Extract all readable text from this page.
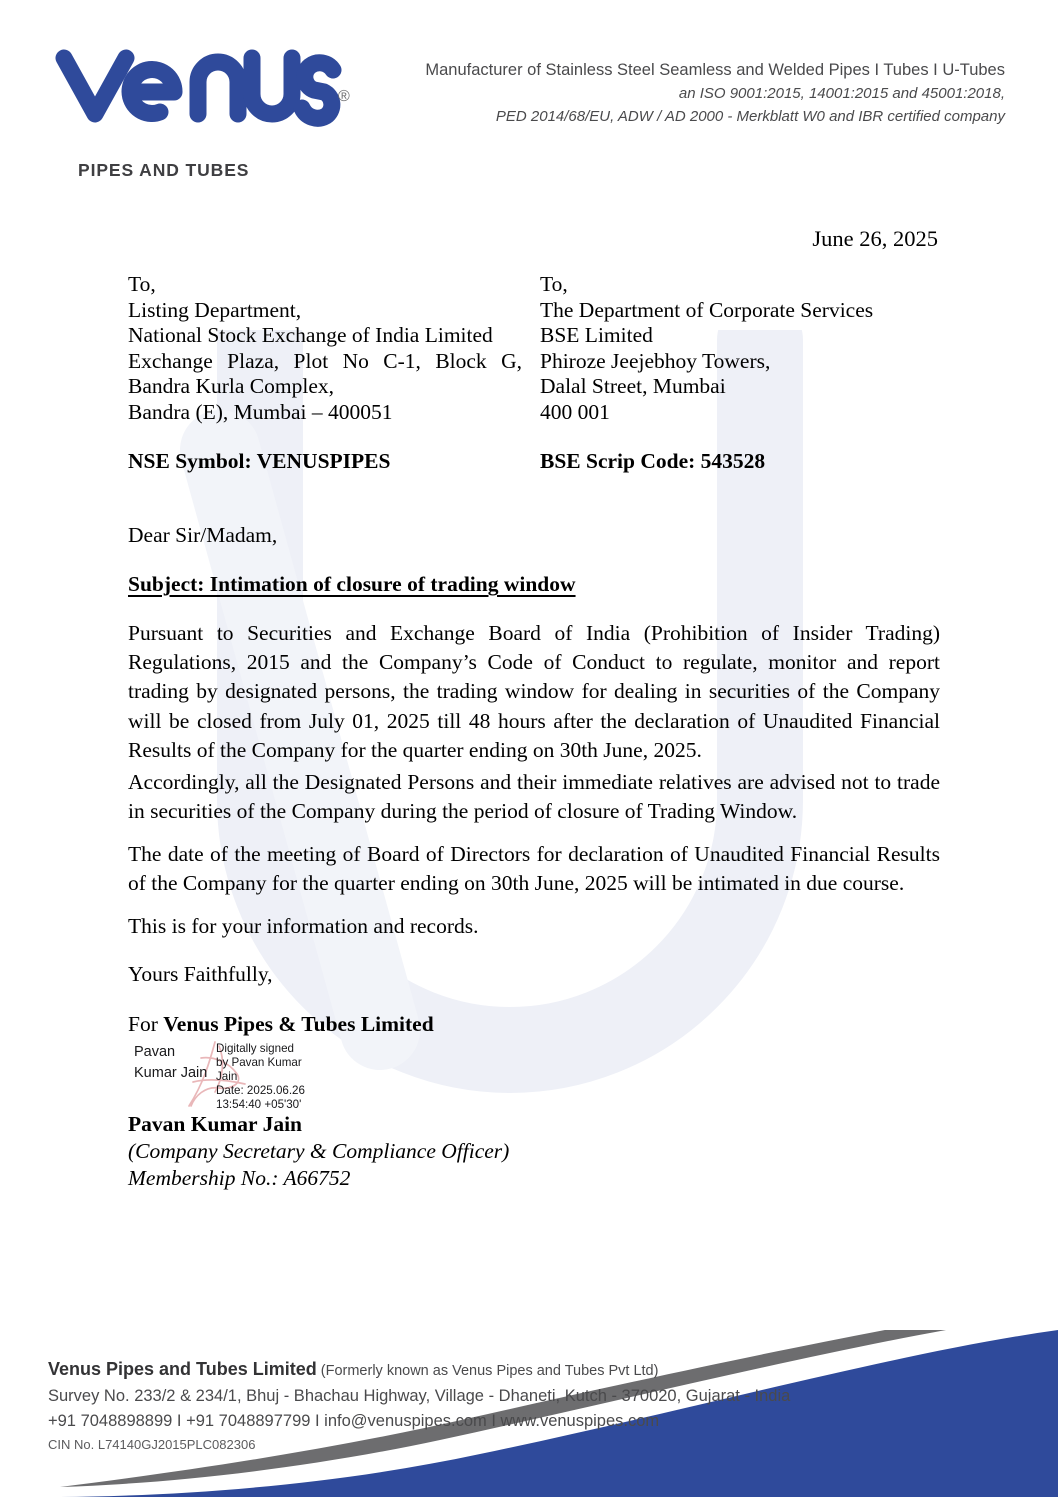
®
PIPES AND TUBES
Manufacturer of Stainless Steel Seamless and Welded Pipes I Tubes I U-Tubes
an ISO 9001:2015, 14001:2015 and 45001:2018,
PED 2014/68/EU, ADW / AD 2000 - Merkblatt W0 and IBR certified company
June 26, 2025
To,
Listing Department,
National Stock Exchange of India Limited
Exchange Plaza, Plot No C-1, Block G,
Bandra Kurla Complex,
Bandra (E), Mumbai – 400051
To,
The Department of Corporate Services
BSE Limited
Phiroze Jeejebhoy Towers,
Dalal Street, Mumbai
400 001
NSE Symbol: VENUSPIPES	BSE Scrip Code: 543528
Dear Sir/Madam,
Subject: Intimation of closure of trading window
Pursuant to Securities and Exchange Board of India (Prohibition of Insider Trading) Regulations, 2015 and the Company’s Code of Conduct to regulate, monitor and report trading by designated persons, the trading window for dealing in securities of the Company will be closed from July 01, 2025 till 48 hours after the declaration of Unaudited Financial Results of the Company for the quarter ending on 30th June, 2025.
Accordingly, all the Designated Persons and their immediate relatives are advised not to trade in securities of the Company during the period of closure of Trading Window.
The date of the meeting of Board of Directors for declaration of Unaudited Financial Results of the Company for the quarter ending on 30th June, 2025 will be intimated in due course.
This is for your information and records.
Yours Faithfully,
For Venus Pipes & Tubes Limited
Pavan Kumar Jain
Digitally signed
by Pavan Kumar
Jain
Date: 2025.06.26
13:54:40 +05'30'
Pavan Kumar Jain
(Company Secretary & Compliance Officer)
Membership No.: A66752
Venus Pipes and Tubes Limited (Formerly known as Venus Pipes and Tubes Pvt Ltd)
Survey No. 233/2 & 234/1, Bhuj - Bhachau Highway, Village - Dhaneti, Kutch - 370020, Gujarat - India
+91 7048898899 I +91 7048897799 I info@venuspipes.com I www.venuspipes.com
CIN No. L74140GJ2015PLC082306
